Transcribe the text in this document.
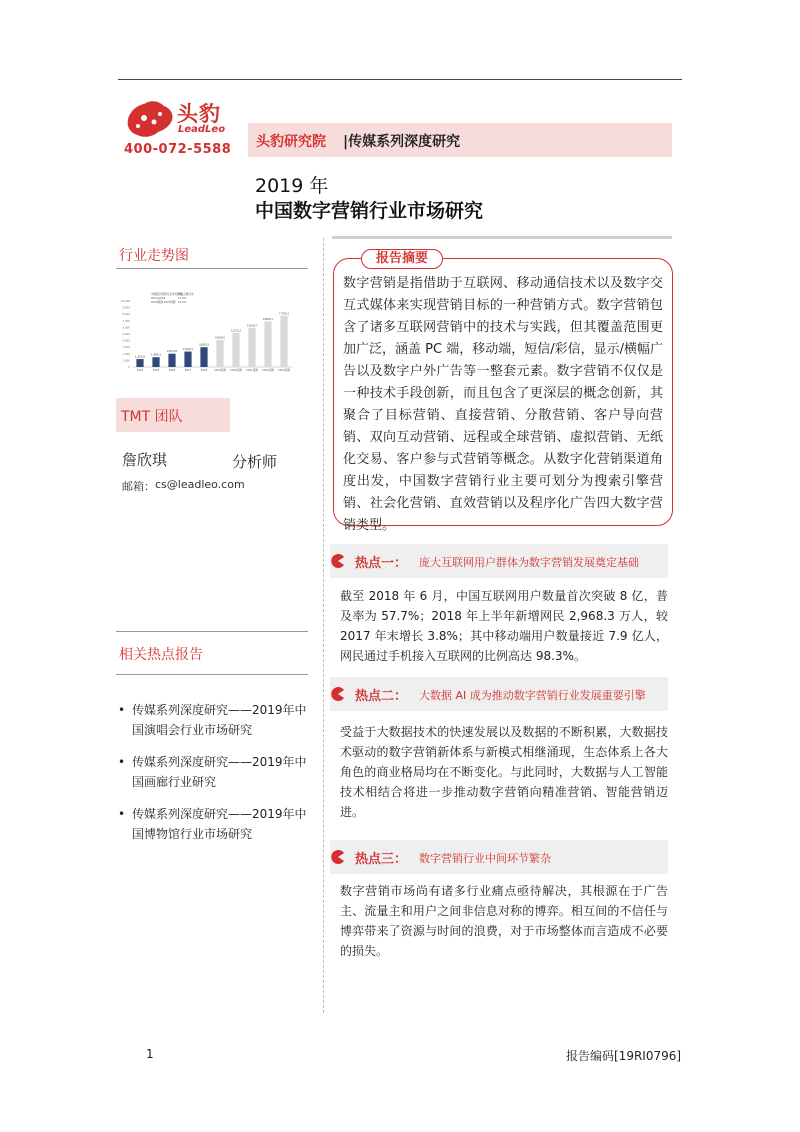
头豹
LeadLeo
400-072-5588 头豹研究院 |传媒系列深度研究
2019 年
中国数字营销行业市场研究
行业走势图
0
1,000
2,000
3,000
4,000
5,000
6,000
7,000
8,000
9,000
10,000
中国数字营销行业市场规模
年复合增长率
2014-2018	17.9%
2019预测-2023预测 13.3%
1,205.6
2014
1,484.3
2015
2,012.8
2016
2,340.1
2017
3,000.3
2018
4,093.5
2019预测
5,175.2
2020预测
5,919.7
2021预测
6,899.1
2022预测
7,750.1
2023预测
TMT 团队
詹欣琪	分析师
邮箱： cs@leadleo.com
相关热点报告
• 传媒系列深度研究——2019年中国演唱会行业市场研究
• 传媒系列深度研究——2019年中国画廊行业研究
• 传媒系列深度研究——2019年中国博物馆行业市场研究
报告摘要
数字营销是指借助于互联网、移动通信技术以及数字交互式媒体来实现营销目标的一种营销方式。数字营销包含了诸多互联网营销中的技术与实践，但其覆盖范围更加广泛，涵盖 PC 端，移动端，短信/彩信，显示/横幅广告以及数字户外广告等一整套元素。数字营销不仅仅是一种技术手段创新，而且包含了更深层的概念创新，其聚合了目标营销、直接营销、分散营销、客户导向营销、双向互动营销、远程或全球营销、虚拟营销、无纸化交易、客户参与式营销等概念。从数字化营销渠道角度出发，中国数字营销行业主要可划分为搜索引擎营销、社会化营销、直效营销以及程序化广告四大数字营销类型。
热点一： 庞大互联网用户群体为数字营销发展奠定基础
截至 2018 年 6 月，中国互联网用户数量首次突破 8 亿，普及率为 57.7%；2018 年上半年新增网民 2,968.3 万人，较 2017 年末增长 3.8%；其中移动端用户数量接近 7.9 亿人，网民通过手机接入互联网的比例高达 98.3%。
热点二： 大数据 AI 成为推动数字营销行业发展重要引擎
受益于大数据技术的快速发展以及数据的不断积累，大数据技术驱动的数字营销新体系与新模式相继涌现，生态体系上各大角色的商业格局均在不断变化。与此同时，大数据与人工智能技术相结合将进一步推动数字营销向精准营销、智能营销迈进。
热点三： 数字营销行业中间环节繁杂
数字营销市场尚有诸多行业痛点亟待解决，其根源在于广告主、流量主和用户之间非信息对称的博弈。相互间的不信任与博弈带来了资源与时间的浪费，对于市场整体而言造成不必要的损失。
1	报告编码[19RI0796]
